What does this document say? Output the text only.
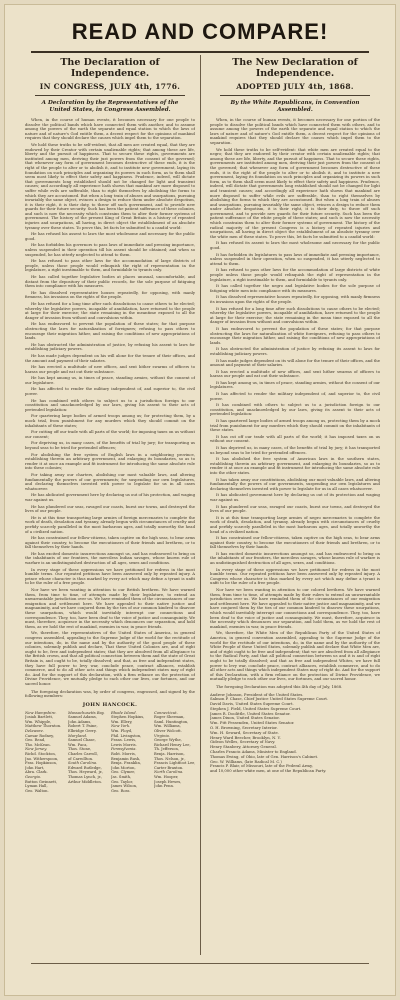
READ AND COMPARE!
The Declaration of Independence.
IN CONGRESS, JULY 4th, 1776.
A Declaration by the Representatives of the United States, in Congress Assembled.
When, in the course of human events, it becomes necessary for one people to dissolve the political bands which have connected them with another, and to assume among the powers of the earth the separate and equal station to which the laws of nature and of nature's God entitle them, a decent respect for the opinions of mankind requires that they should declare the causes which impel them to the separation.
We hold these truths to be self-evident, that all men are created equal, that they are endowed by their Creator with certain unalienable rights; that among these are life, liberty and the pursuit of happiness. That to secure these rights, governments are instituted among men, deriving their just powers from the consent of the governed; that whenever any form of government becomes destructive of these ends, it is the right of the people to alter or to abolish it, and to institute new government, laying its foundation on such principles and organizing its powers in such form, as to them shall seem most likely to effect their safety and happiness. Prudence, indeed, will dictate that governments long established should not be changed for light and transient causes; and accordingly all experience hath shown that mankind are more disposed to suffer while evils are sufferable, than to right themselves by abolishing the forms to which they are accustomed. But when a long train of abuses and usurpations, pursuing invariably the same object, evinces a design to reduce them under absolute despotism, it is their right, it is their duty, to throw off such government, and to provide new guards for their future security. Such has been the patient sufferance of these colonies, and such is now the necessity which constrains them to alter their former systems of government. The history of the present King of Great Britain is a history of repeated injuries and usurpations, all having, in direct object the establishment of an absolute tyranny over these states. To prove this, let facts be submitted to a candid world:
He has refused his assent to laws the most wholesome and necessary for the public good.
He has forbidden his governors to pass laws of immediate and pressing importance, unless suspended in their operation till his assent should be obtained; and when so suspended, he has utterly neglected to attend to them.
He has refused to pass other laws for the accommodation of large districts of people, unless those people would relinquish the right of representation in the legislature, a right inestimable to them, and formidable to tyrants only.
He has called together legislative bodies at places unusual, uncomfortable, and distant from the depository of their public records, for the sole purpose of fatiguing them into compliance with his measures.
He has dissolved representative houses repeatedly, for opposing, with manly firmness, his invasions on the rights of the people.
He has refused for a long time after such dissolutions to cause others to be elected; whereby the legislative powers, incapable of annihilation, have returned to the people at large for their exercise; the state remaining in the meantime exposed to all the danger of invasion from without and convulsions within.
He has endeavored to prevent the population of these states; for that purpose obstructing the laws for naturalization of foreigners; refusing to pass others to encourage their migration hither, and raising the conditions of new appropriations of lands.
He has obstructed the administration of justice, by refusing his assent to laws for establishing judiciary powers.
He has made judges dependent on his will alone for the tenure of their offices, and the amount and payment of their salaries.
He has erected a multitude of new offices, and sent hither swarms of officers to harass our people and eat out their substance.
He has kept among us, in times of peace, standing armies, without the consent of our legislature.
He has affected to render the military independent of, and superior to, the civil power.
He has combined with others to subject us to a jurisdiction foreign to our constitution and unacknowledged by our laws, giving his assent to their acts of pretended legislation:
For quartering large bodies of armed troops among us; for protecting them, by a mock trial, from punishment for any murders which they should commit on the inhabitants of these states;
For cutting off our trade with all parts of the world; for imposing taxes on us without our consent;
For depriving us, in many cases, of the benefits of trial by jury; for transporting us beyond seas to be tried for pretended offences;
For abolishing the free system of English laws in a neighboring province, establishing therein an arbitrary government, and enlarging its boundaries, so as to render it at once an example and fit instrument for introducing the same absolute rule into these colonies;
For taking away our charters, abolishing our most valuable laws, and altering fundamentally the powers of our governments; for suspending our own legislatures, and declaring themselves invested with power to legislate for us in all cases whatsoever.
He has abdicated government here by declaring us out of his protection, and waging war against us.
He has plundered our seas, ravaged our coasts, burnt our towns, and destroyed the lives of our people.
He is at this time transporting large armies of foreign mercenaries to complete the work of death, desolation and tyranny, already begun with circumstances of cruelty and perfidy scarcely paralleled in the most barbarous ages, and totally unworthy the head of a civilized nation.
He has constrained our fellow-citizens, taken captive on the high seas, to bear arms against their country, to become the executioners of their friends and brethren, or to fall themselves by their hands.
He has excited domestic insurrections amongst us, and has endeavored to bring on the inhabitants of our frontiers, the merciless Indian savages, whose known rule of warfare is an undistinguished destruction of all ages, sexes and conditions.
In every stage of these oppressions we have petitioned for redress in the most humble terms. Our repeated petitions have been answered only by repeated injury. A prince whose character is thus marked by every act which may define a tyrant is unfit to be the ruler of a free people.
Nor have we been wanting in attention to our British brethren. We have warned them, from time to time, of attempts made by their legislature, to extend an unwarrantable jurisdiction over us. We have reminded them of the circumstances of our emigration and settlement here. We have appealed to their native justice and magnanimity, and we have conjured them by the ties of our common kindred to disavow these usurpations, which would inevitably interrupt our connections and correspondence. They, too, have been deaf to the voice of justice and consanguinity. We must, therefore, acquiesce in the necessity which denounces our separation, and hold them, as we hold the rest of mankind, enemies in war, in peace friends.
We, therefore, the representatives of the United States of America, in general congress assembled, appealing to the Supreme Judge of the world for the rectitude of our intentions, do, in the name and by the authority of the good people of these colonies, solemnly publish and declare, That these United Colonies are, and of right ought to be, free and independent states; that they are absolved from all allegiance to the British crown, and that all political connection between them and the state of Great Britain is, and ought to be, totally dissolved; and that, as free and independent states, they have full power to levy war, conclude peace, contract alliances, establish commerce, and to do all other acts and things which independent states may of right do. And for the support of this declaration, with a firm reliance on the protection of Divine Providence, we mutually pledge to each other our lives, our fortunes, and our sacred honor.
The foregoing declaration was, by order of congress, engrossed, and signed by the following members:
JOHN HANCOCK.
New Hampshire.	Massachusetts Bay.	Rhode Island.	Connecticut.
Josiah Bartlett,	Samuel Adams,	Stephen Hopkins,	Roger Sherman,
Wm. Whipple,	John Adams,	Wm. Ellery,	Saml. Huntington,
Matthew Thornton.	Robert T. Paine,	New York.	Wm. Williams,
Delaware.	Elbridge Gerry.	Wm. Floyd,	Oliver Wolcott.
Caesar Rodney,	Maryland.	Phil. Livingston,	Virginia.
Geo. Read,	Samuel Chase,	Frans. Lewis,	George Wythe,
Tho. McKean.	Wm. Paca,	Lewis Morris.	Richard Henry Lee,
New Jersey.	Thos. Stone,	Pennsylvania.	Th. Jefferson,
Richd. Stockton,	Charles Carroll,	Robt. Morris,	Benja. Harrison,
Jno. Witherspoon,	of Carrollton.	Benjamin Rush,	Thos. Nelson, jr.,
Fras. Hopkinson,	South Carolina.	Benja. Franklin,	Francis Lightfoot Lee,
John Hart,	Edward Rutledge,	John Morton,	Carter Braxton.
Abra. Clark.	Thos. Heyward, jr.,	Geo. Clymer,	North Carolina.
Georgia.	Thomas Lynch, jr.,	Jas. Smith,	Wm. Hooper,
Button Gwinnett,	Arthur Middleton.	Geo. Taylor,	Joseph Hewes,
Lyman Hall,	James Wilson,	John Penn.
Geo. Walton.	Geo. Ross.
The New Declaration of Independence.
ADOPTED JULY 4th, 1868.
By the White Republicans, in Convention Assembled.
When, in the course of human events, it becomes necessary for one portion of the people to dissolve the political bands which have connected them with others, and to assume among the powers of the earth the separate and equal station to which the laws of nature and of nature's God entitle them, a decent respect for the opinions of mankind requires that they should declare the causes which impel them to the separation.
We hold these truths to be self-evident: that white men are created equal to the negro; that they are endowed by their creator with certain unalienable rights; that among these are life, liberty, and the pursuit of happiness. That to secure these rights, governments are instituted among men, deriving their just powers from the consent of the governed; that whenever any form of government becomes destructive of these ends, it is the right of the people to alter or to abolish it, and to institute a new government, laying its foundation on such principles and organizing its powers in such form, as to them shall seem most likely to effect their safety and happiness. Prudence, indeed, will dictate that governments long established should not be changed for light and transient causes; and accordingly all experience hath shown that mankind are more disposed to suffer while evils are sufferable, than to right themselves by abolishing the forms to which they are accustomed. But when a long train of abuses and usurpations, pursuing invariably the same object, evinces a design to reduce them under absolute despotism, it is their right, it is their duty, to throw off such government, and to provide new guards for their future security. Such has been the patient sufferance of the white people of these states; and such is now the necessity which constrains them to alter their former systems of government. The history of the radical majority of the present Congress is a history of repeated injuries and usurpations, all having in direct object the establishment of an absolute tyranny over the white men of these states. To prove this, let facts be submitted to a candid world:
It has refused its assent to laws the most wholesome and necessary for the public good.
It has forbidden its legislatures to pass laws of immediate and pressing importance, unless suspended in their operation, when so suspended, it has utterly neglected to attend to them.
It has refused to pass other laws for the accommodation of large districts of white people unless those people would relinquish the right of representation in the legislature, a right inestimable to them, and formidable to tyrants only.
It has called together the negro and legislative bodies for the sole purpose of fatiguing white men into compliance with its measures.
It has dissolved representative houses repeatedly, for opposing, with manly firmness its invasions upon the rights of the people.
It has refused for a long time after such dissolutions to cause others to be elected; whereby the legislative powers, incapable of annihilation, have returned to the people at large for their exercise; the state remaining in the mean time exposed to all the danger of invasion from without and convulsions within.
It has endeavored to prevent the population of these states; for that purpose obstructing the laws for naturalization of white foreigners, refusing to pass others to encourage their migration hither, and raising the conditions of new appropriations of lands.
It has obstructed the administration of justice by refusing its assent to laws for establishing judiciary powers.
It has made judges dependent on its will alone for the tenure of their offices, and the amount and payment of their salaries.
It has erected a multitude of new offices, and sent hither swarms of officers to harass our people and eat out their substance.
It has kept among us, in times of peace, standing armies, without the consent of our legislatures.
It has affected to render the military independent of, and superior to, the civil power.
It has combined with others to subject us to a jurisdiction foreign to our constitution, and unacknowledged by our laws, giving its assent to their acts of pretended legislation:
It has quartered large bodies of armed troops among us, protecting them by a mock trial from punishment for any murders which they should commit on the inhabitants of these states.
It has cut off our trade with all parts of the world; it has imposed taxes on us without our consent.
It has deprived us, in many cases, of the benefits of trial by jury; it has transported us beyond seas to be tried for pretended offences.
It has abolished the free system of American laws in the southern states, establishing therein an arbitrary government, and enlarging its boundaries, so as to render it at once an example and fit instrument for introducing the same absolute rule into the other states.
It has taken away our constitutions, abolishing our most valuable laws, and altering fundamentally the powers of our governments, suspending our own legislatures and declaring themselves invested with power to legislate for us in all cases whatsoever.
It has abdicated government here by declaring us out of its protection and waging war against us.
It has plundered our seas, ravaged our coasts, burnt our towns, and destroyed the lives of our people.
It is at this time transporting large armies of negro mercenaries to complete the work of death, desolation, and tyranny, already begun with circumstances of cruelty and perfidy scarcely paralleled in the most barbarous ages, and totally unworthy the head of a civilized nation.
It has constrained our fellow-citizens, taken captive on the high seas, to bear arms against their country, to become the executioners of their friends and brethren, or to fall themselves by their hands.
It has excited domestic insurrections amongst us, and has endeavored to bring on the inhabitants of our frontiers, the merciless savages, whose known rule of warfare is an undistinguished destruction of all ages, sexes, and conditions.
In every stage of these oppressions we have petitioned for redress in the most humble terms. Our repeated petitions have been answered only by repeated injury. A Congress whose character is thus marked by every act which may define a tyrant is unfit to be the ruler of a free people.
Nor have we been wanting in attention to our colored brethren. We have warned them, from time to time, of attempts made by their rulers to extend an unwarrantable jurisdiction over us. We have reminded them of the circumstances of our emigration and settlement here. We have appealed to their native justice and magnanimity, and we have conjured them by the ties of our common kindred to disavow these usurpations, which would inevitably interrupt our connections and correspondence. They, too, have been deaf to the voice of justice and consanguinity. We must, therefore, acquiesce in the necessity which denounces our separation, and hold them, as we hold the rest of mankind, enemies in war, in peace friends.
We, therefore, the White Men of the Republican Party of the United States of America, in general convention assembled, appealing to the Supreme Judge of the world for the rectitude of our intentions, do, in the name and by the authority of the White People of these United States, solemnly publish and declare that White Men are, and of right ought to be free and independent; that we are absolved from all allegiance to the Radical Party, and that all political connection between us and it is and of right ought to be totally dissolved; and that as free and independent Whites, we have full power to levy war, conclude peace, contract alliances, establish commerce, and to do all other acts and things which independent States may of right do. And for the support of this Declaration, with a firm reliance on the protection of Divine Providence, we mutually pledge to each other our lives, our fortunes, and our sacred honor.
The foregoing Declaration was adopted this 4th day of July, 1868.
Andrew Johnson, President of the United States.
Salmon P. Chase, Chief Justice United States Supreme Court.
David Davis, United States Supreme Court.
Stephen J. Field, United States Supreme Court.
James R. Doolittle, United States Senator.
James Dixon, United States Senator.
Wm. Pitt Fessenden, United States Senator.
O. H. Browning, Secretary Interior.
Wm. H. Seward, Secretary of State.
Henry Ward Beecher, Brooklyn, N. Y.
Gideon Welles, Secretary of Navy.
Henry Stanbery, Attorney General.
Charles Francis Adams, Minister to England.
Thomas Ewing, of Ohio, late of Gen. Harrison's Cabinet.
Geo. W. Williams, (late Radical M. C.)
Francis P. Blair, of Missouri, late of the Federal Army,
and 10,000 other white men, at one of the Republican Party.
